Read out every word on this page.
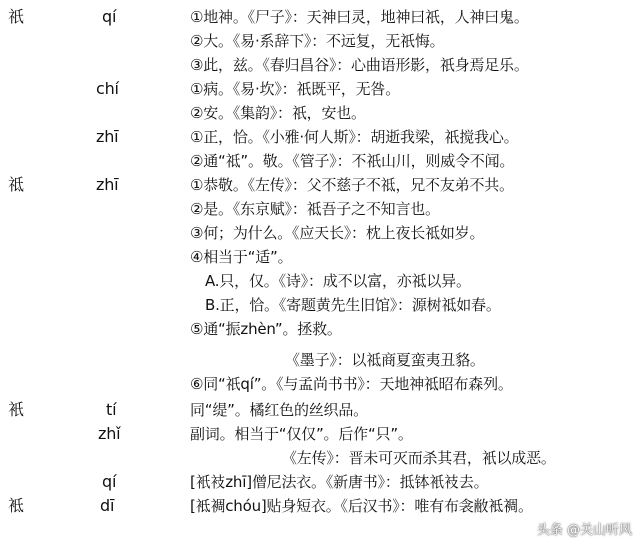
祇	qí	①地神。《尸子》：天神曰灵，地神曰祇，人神曰鬼。
②大。《易·系辞下》：不远复，无祇悔。
③此，兹。《春归昌谷》：心曲语形影，祇身焉足乐。
chí	①病。《易·坎》：祇既平，无咎。
②安。《集韵》：祇，安也。
zhī	①正，恰。《小雅·何人斯》：胡逝我梁，祇搅我心。
②通“祗”。敬。《管子》：不祇山川，则威令不闻。
祗	zhī	①恭敬。《左传》：父不慈子不祗，兄不友弟不共。
②是。《东京赋》：祗吾子之不知言也。
③何；为什么。《应天长》：枕上夜长祗如岁。
④相当于“适”。
A.只，仅。《诗》：成不以富，亦祗以异。
B.正，恰。《寄题黄先生旧馆》：源树祗如春。
⑤通“振zhèn”。拯救。
《墨子》：以祗商夏蛮夷丑貉。
⑥同“祇qí”。《与孟尚书书》：天地神祗昭布森列。
衹	tí	同“缇”。橘红色的丝织品。
zhǐ	副词。相当于“仅仅”。后作“只”。
《左传》：晋未可灭而杀其君，衹以成恶。
qí	[衹衼zhī]僧尼法衣。《新唐书》：抵钵衹衼去。
袛	dī	[袛裯chóu]贴身短衣。《后汉书》：唯有布衾敝袛裯。
头条 @关山听风
